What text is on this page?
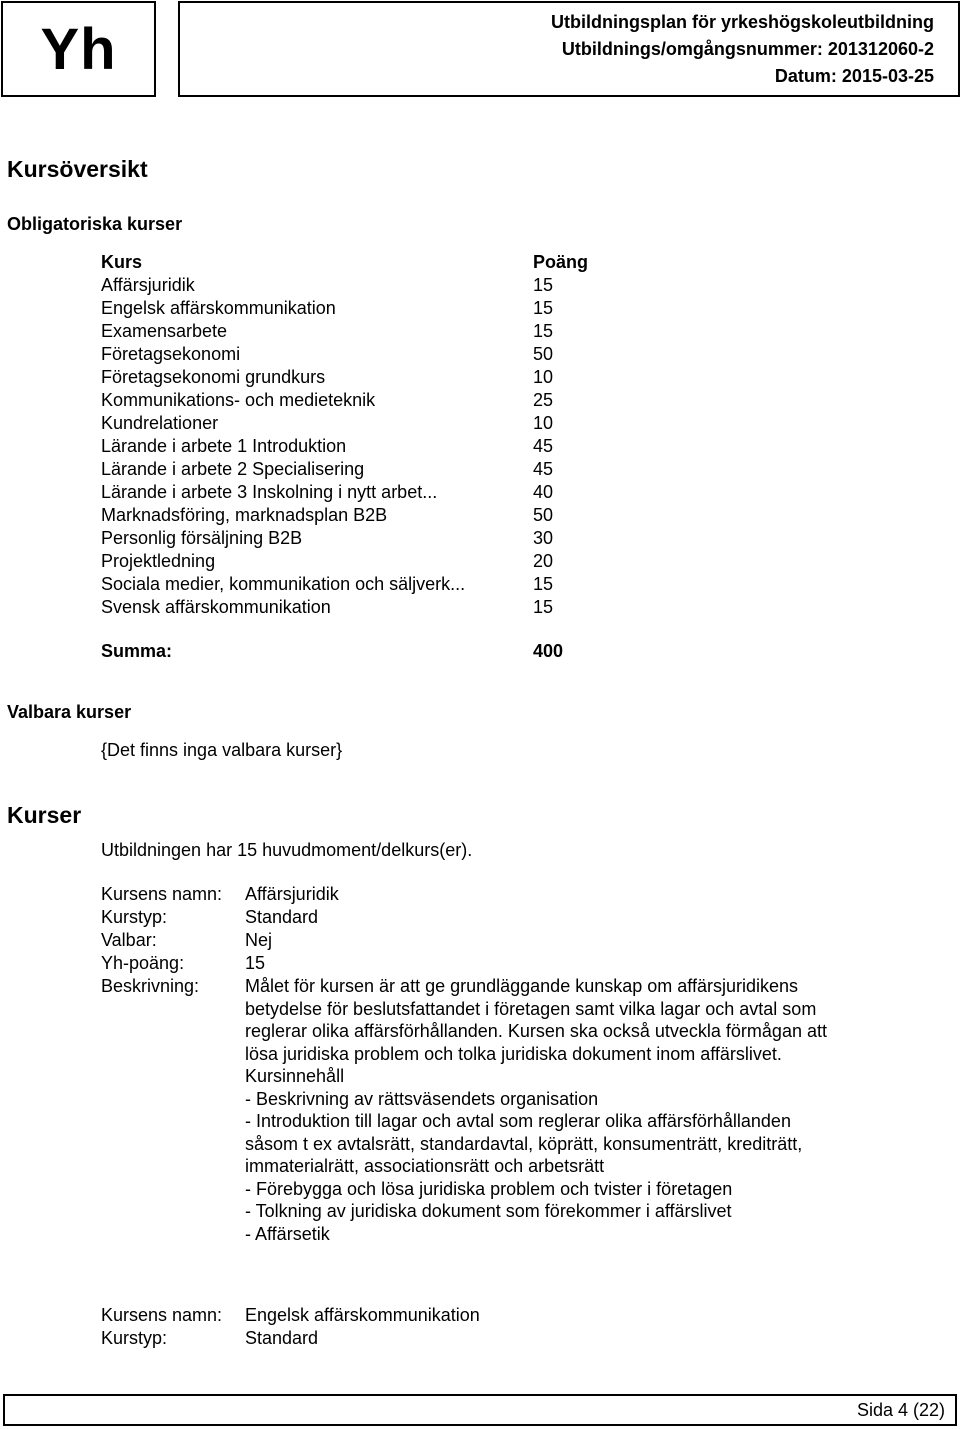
Yh	Utbildningsplan för yrkeshögskoleutbildning
Utbildnings/omgångsnummer: 201312060-2
Datum: 2015-03-25
Kursöversikt
Obligatoriska kurser
Kurs	Poäng
Affärsjuridik	15
Engelsk affärskommunikation	15
Examensarbete	15
Företagsekonomi	50
Företagsekonomi grundkurs	10
Kommunikations- och medieteknik	25
Kundrelationer	10
Lärande i arbete 1 Introduktion	45
Lärande i arbete 2 Specialisering	45
Lärande i arbete 3 Inskolning i nytt arbet...	40
Marknadsföring, marknadsplan B2B	50
Personlig försäljning B2B	30
Projektledning	20
Sociala medier, kommunikation och säljverk...	15
Svensk affärskommunikation	15
Summa:	400
Valbara kurser
{Det finns inga valbara kurser}
Kurser
Utbildningen har 15 huvudmoment/delkurs(er).
Kursens namn: Affärsjuridik
Kurstyp:	Standard
Valbar:	Nej
Yh-poäng:	15
Beskrivning:	Målet för kursen är att ge grundläggande kunskap om affärsjuridikens
betydelse för beslutsfattandet i företagen samt vilka lagar och avtal som
reglerar olika affärsförhållanden. Kursen ska också utveckla förmågan att
lösa juridiska problem och tolka juridiska dokument inom affärslivet.
Kursinnehåll
- Beskrivning av rättsväsendets organisation
- Introduktion till lagar och avtal som reglerar olika affärsförhållanden
såsom t ex avtalsrätt, standardavtal, köprätt, konsumenträtt, krediträtt,
immaterialrätt, associationsrätt och arbetsrätt
- Förebygga och lösa juridiska problem och tvister i företagen
- Tolkning av juridiska dokument som förekommer i affärslivet
- Affärsetik
Kursens namn: Engelsk affärskommunikation
Kurstyp:	Standard
Sida 4 (22)
